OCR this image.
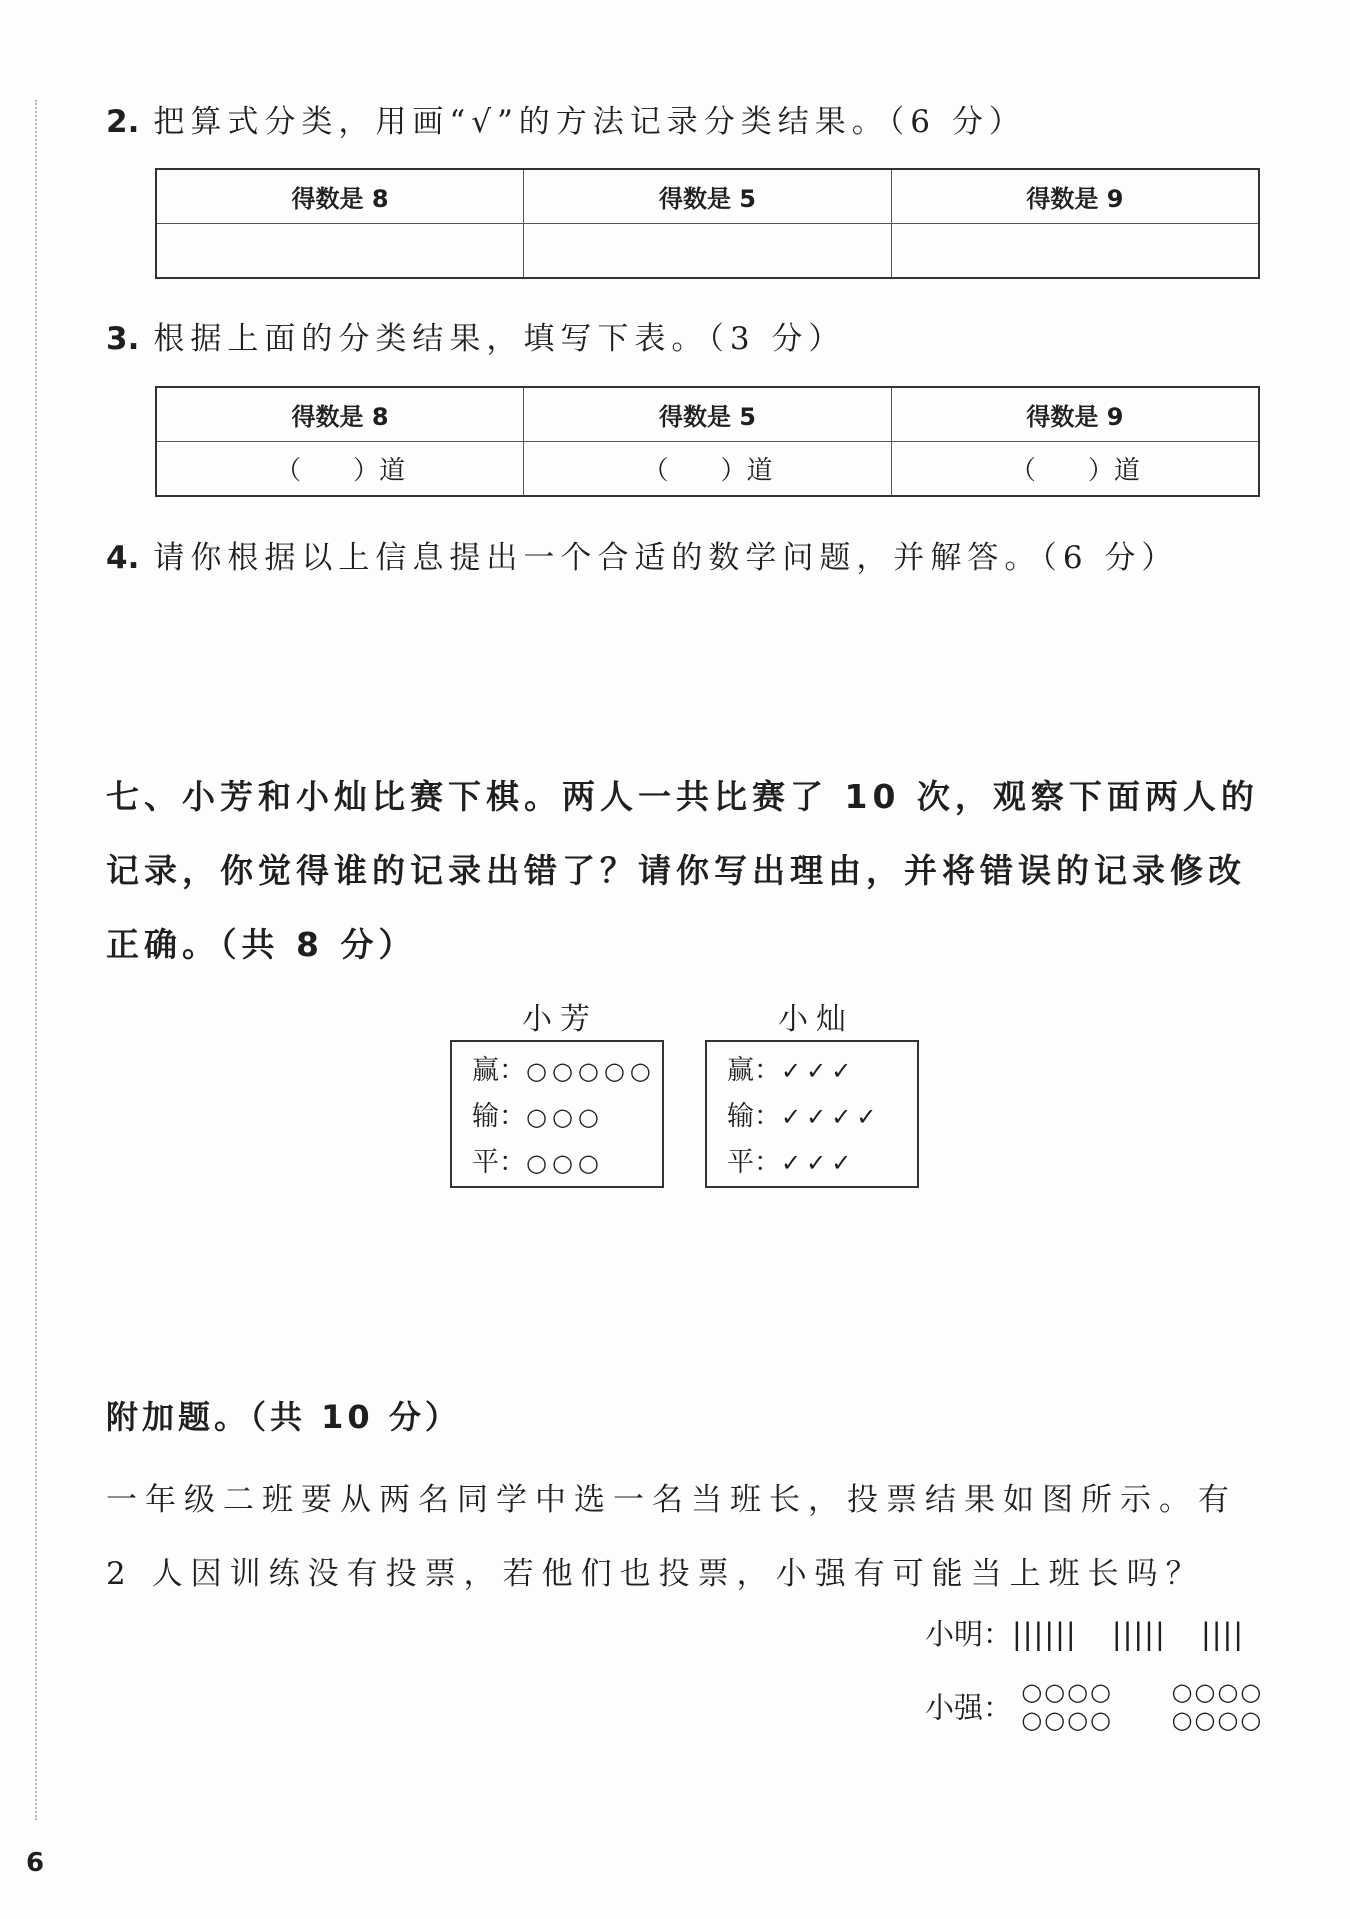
2. 把算式分类，用画“√”的方法记录分类结果。（6 分）
得数是 8	得数是 5	得数是 9

3. 根据上面的分类结果，填写下表。（3 分）
得数是 8	得数是 5	得数是 9
（　　）道	（　　）道	（　　）道
4. 请你根据以上信息提出一个合适的数学问题，并解答。（6 分）
七、小芳和小灿比赛下棋。两人一共比赛了 10 次，观察下面两人的记录，你觉得谁的记录出错了？请你写出理由，并将错误的记录修改正确。（共 8 分）
小芳
赢：○○○○○
输：○○○
平：○○○
小灿
赢：✓✓✓
输：✓✓✓✓
平：✓✓✓
附加题。（共 10 分）
一年级二班要从两名同学中选一名当班长，投票结果如图所示。有 2 人因训练没有投票，若他们也投票，小强有可能当上班长吗？
小明：|||||| ||||| ||||
小强： ○○○○
○○○○  ○○○○
○○○○
6
